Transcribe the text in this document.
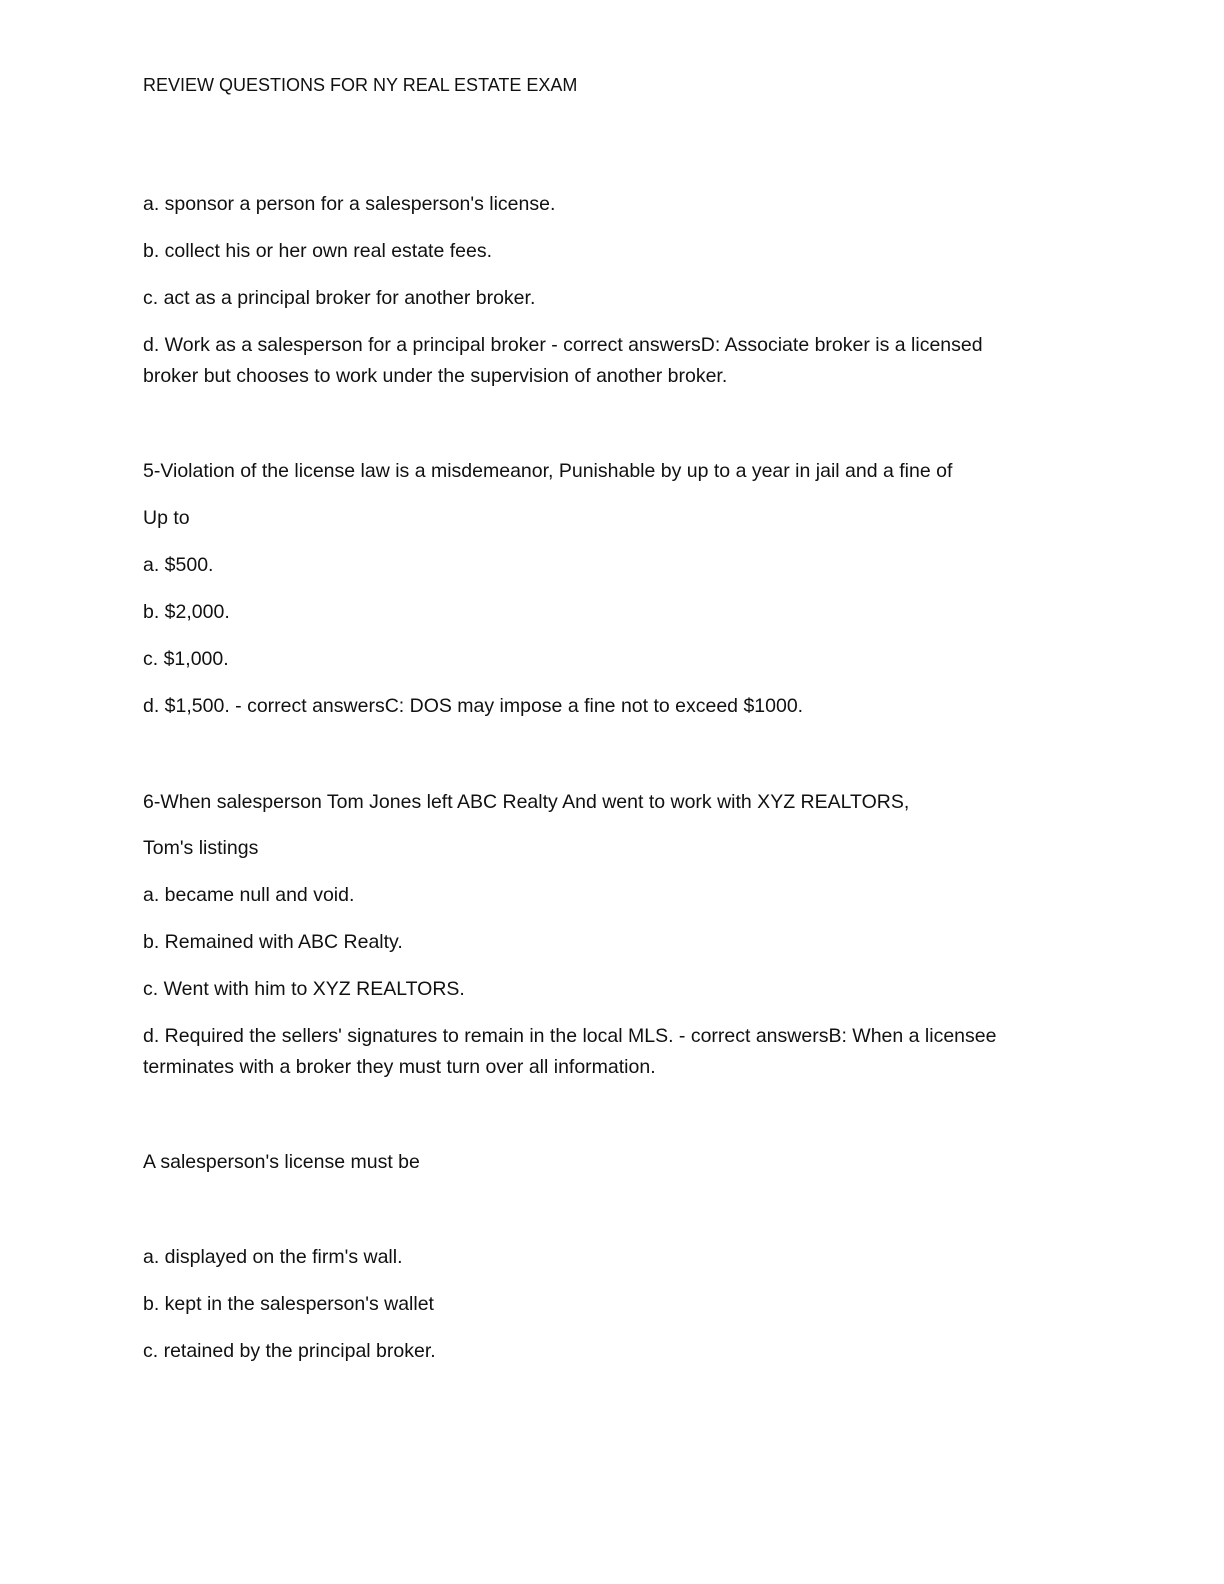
REVIEW QUESTIONS FOR NY REAL ESTATE EXAM
a. sponsor a person for a salesperson's license.
b. collect his or her own real estate fees.
c. act as a principal broker for another broker.
d. Work as a salesperson for a principal broker - correct answersD: Associate broker is a licensed broker but chooses to work under the supervision of another broker.
5-Violation of the license law is a misdemeanor, Punishable by up to a year in jail and a fine of
Up to
a. $500.
b. $2,000.
c. $1,000.
d. $1,500. - correct answersC: DOS may impose a fine not to exceed $1000.
6-When salesperson Tom Jones left ABC Realty And went to work with XYZ REALTORS,
Tom's listings
a. became null and void.
b. Remained with ABC Realty.
c. Went with him to XYZ REALTORS.
d. Required the sellers' signatures to remain in the local MLS. - correct answersB: When a licensee terminates with a broker they must turn over all information.
A salesperson's license must be
a. displayed on the firm's wall.
b. kept in the salesperson's wallet
c. retained by the principal broker.
